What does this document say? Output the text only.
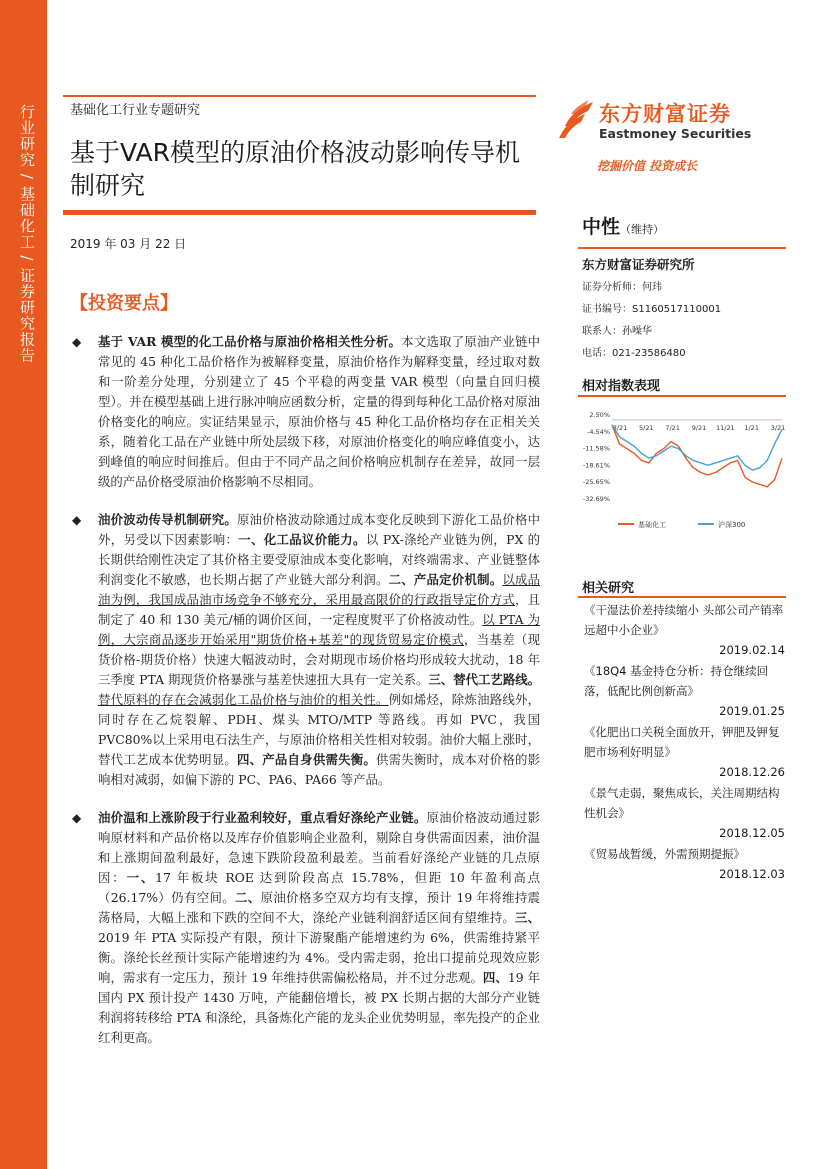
行业研究 / 基础化工 / 证券研究报告	基础化工行业专题研究
基于VAR模型的原油价格波动影响传导机制研究
2019 年 03 月 22 日
【投资要点】
◆ 基于 VAR 模型的化工品价格与原油价格相关性分析。本文选取了原油产业链中常见的 45 种化工品价格作为被解释变量，原油价格作为解释变量，经过取对数和一阶差分处理，分别建立了 45 个平稳的两变量 VAR 模型（向量自回归模型）。并在模型基础上进行脉冲响应函数分析，定量的得到每种化工品价格对原油价格变化的响应。实证结果显示，原油价格与 45 种化工品价格均存在正相关关系，随着化工品在产业链中所处层级下移，对原油价格变化的响应峰值变小，达到峰值的响应时间推后。但由于不同产品之间价格响应机制存在差异，故同一层级的产品价格受原油价格影响不尽相同。
◆ 油价波动传导机制研究。原油价格波动除通过成本变化反映到下游化工品价格中外，另受以下因素影响：一、化工品议价能力。以 PX-涤纶产业链为例，PX 的长期供给刚性决定了其价格主要受原油成本变化影响，对终端需求、产业链整体利润变化不敏感，也长期占据了产业链大部分利润。二、产品定价机制。以成品油为例，我国成品油市场竞争不够充分，采用最高限价的行政指导定价方式，且制定了 40 和 130 美元/桶的调价区间，一定程度熨平了价格波动性。以 PTA 为例，大宗商品逐步开始采用"期货价格+基差"的现货贸易定价模式，当基差（现货价格-期货价格）快速大幅波动时，会对期现市场价格均形成较大扰动，18 年三季度 PTA 期现货价格暴涨与基差快速扭大具有一定关系。三、替代工艺路线。替代原料的存在会减弱化工品价格与油价的相关性。例如烯烃，除炼油路线外，同时存在乙烷裂解、PDH、煤头 MTO/MTP 等路线。再如 PVC，我国 PVC80%以上采用电石法生产，与原油价格相关性相对较弱。油价大幅上涨时，替代工艺成本优势明显。四、产品自身供需失衡。供需失衡时，成本对价格的影响相对减弱，如偏下游的 PC、PA6、PA66 等产品。
◆ 油价温和上涨阶段于行业盈利较好，重点看好涤纶产业链。原油价格波动通过影响原材料和产品价格以及库存价值影响企业盈利，剔除自身供需面因素，油价温和上涨期间盈利最好，急速下跌阶段盈利最差。当前看好涤纶产业链的几点原因：一、17 年板块 ROE 达到阶段高点 15.78%，但距 10 年盈利高点（26.17%）仍有空间。二、原油价格多空双方均有支撑，预计 19 年将维持震荡格局，大幅上涨和下跌的空间不大，涤纶产业链利润舒适区间有望维持。三、2019 年 PTA 实际投产有限，预计下游聚酯产能增速约为 6%，供需维持紧平衡。涤纶长丝预计实际产能增速约为 4%。受内需走弱，抢出口提前兑现效应影响，需求有一定压力，预计 19 年维持供需偏松格局，并不过分悲观。四、19 年国内 PX 预计投产 1430 万吨，产能翻倍增长，被 PX 长期占据的大部分产业链利润将转移给 PTA 和涤纶，具备炼化产能的龙头企业优势明显，率先投产的企业红利更高。
东方财富证券
Eastmoney Securities
挖掘价值 投资成长
中性（维持）
东方财富证券研究所
证券分析师：何玮
证书编号：S1160517110001
联系人：孙噪华
电话：021-23586480
相对指数表现
2.50%
-4.54%
-11.58%
-18.61%
-25.65%
-32.69%
3/21 5/21 7/21 9/21 11/21 1/21 3/21
基础化工	沪深300
相关研究
《干湿法价差持续缩小 头部公司产销率远超中小企业》
2019.02.14
《18Q4 基金持仓分析：持仓继续回落，低配比例创新高》
2019.01.25
《化肥出口关税全面放开，钾肥及钾复肥市场利好明显》
2018.12.26
《景气走弱，聚焦成长，关注周期结构性机会》
2018.12.05
《贸易战暂缓，外需预期提振》
2018.12.03
